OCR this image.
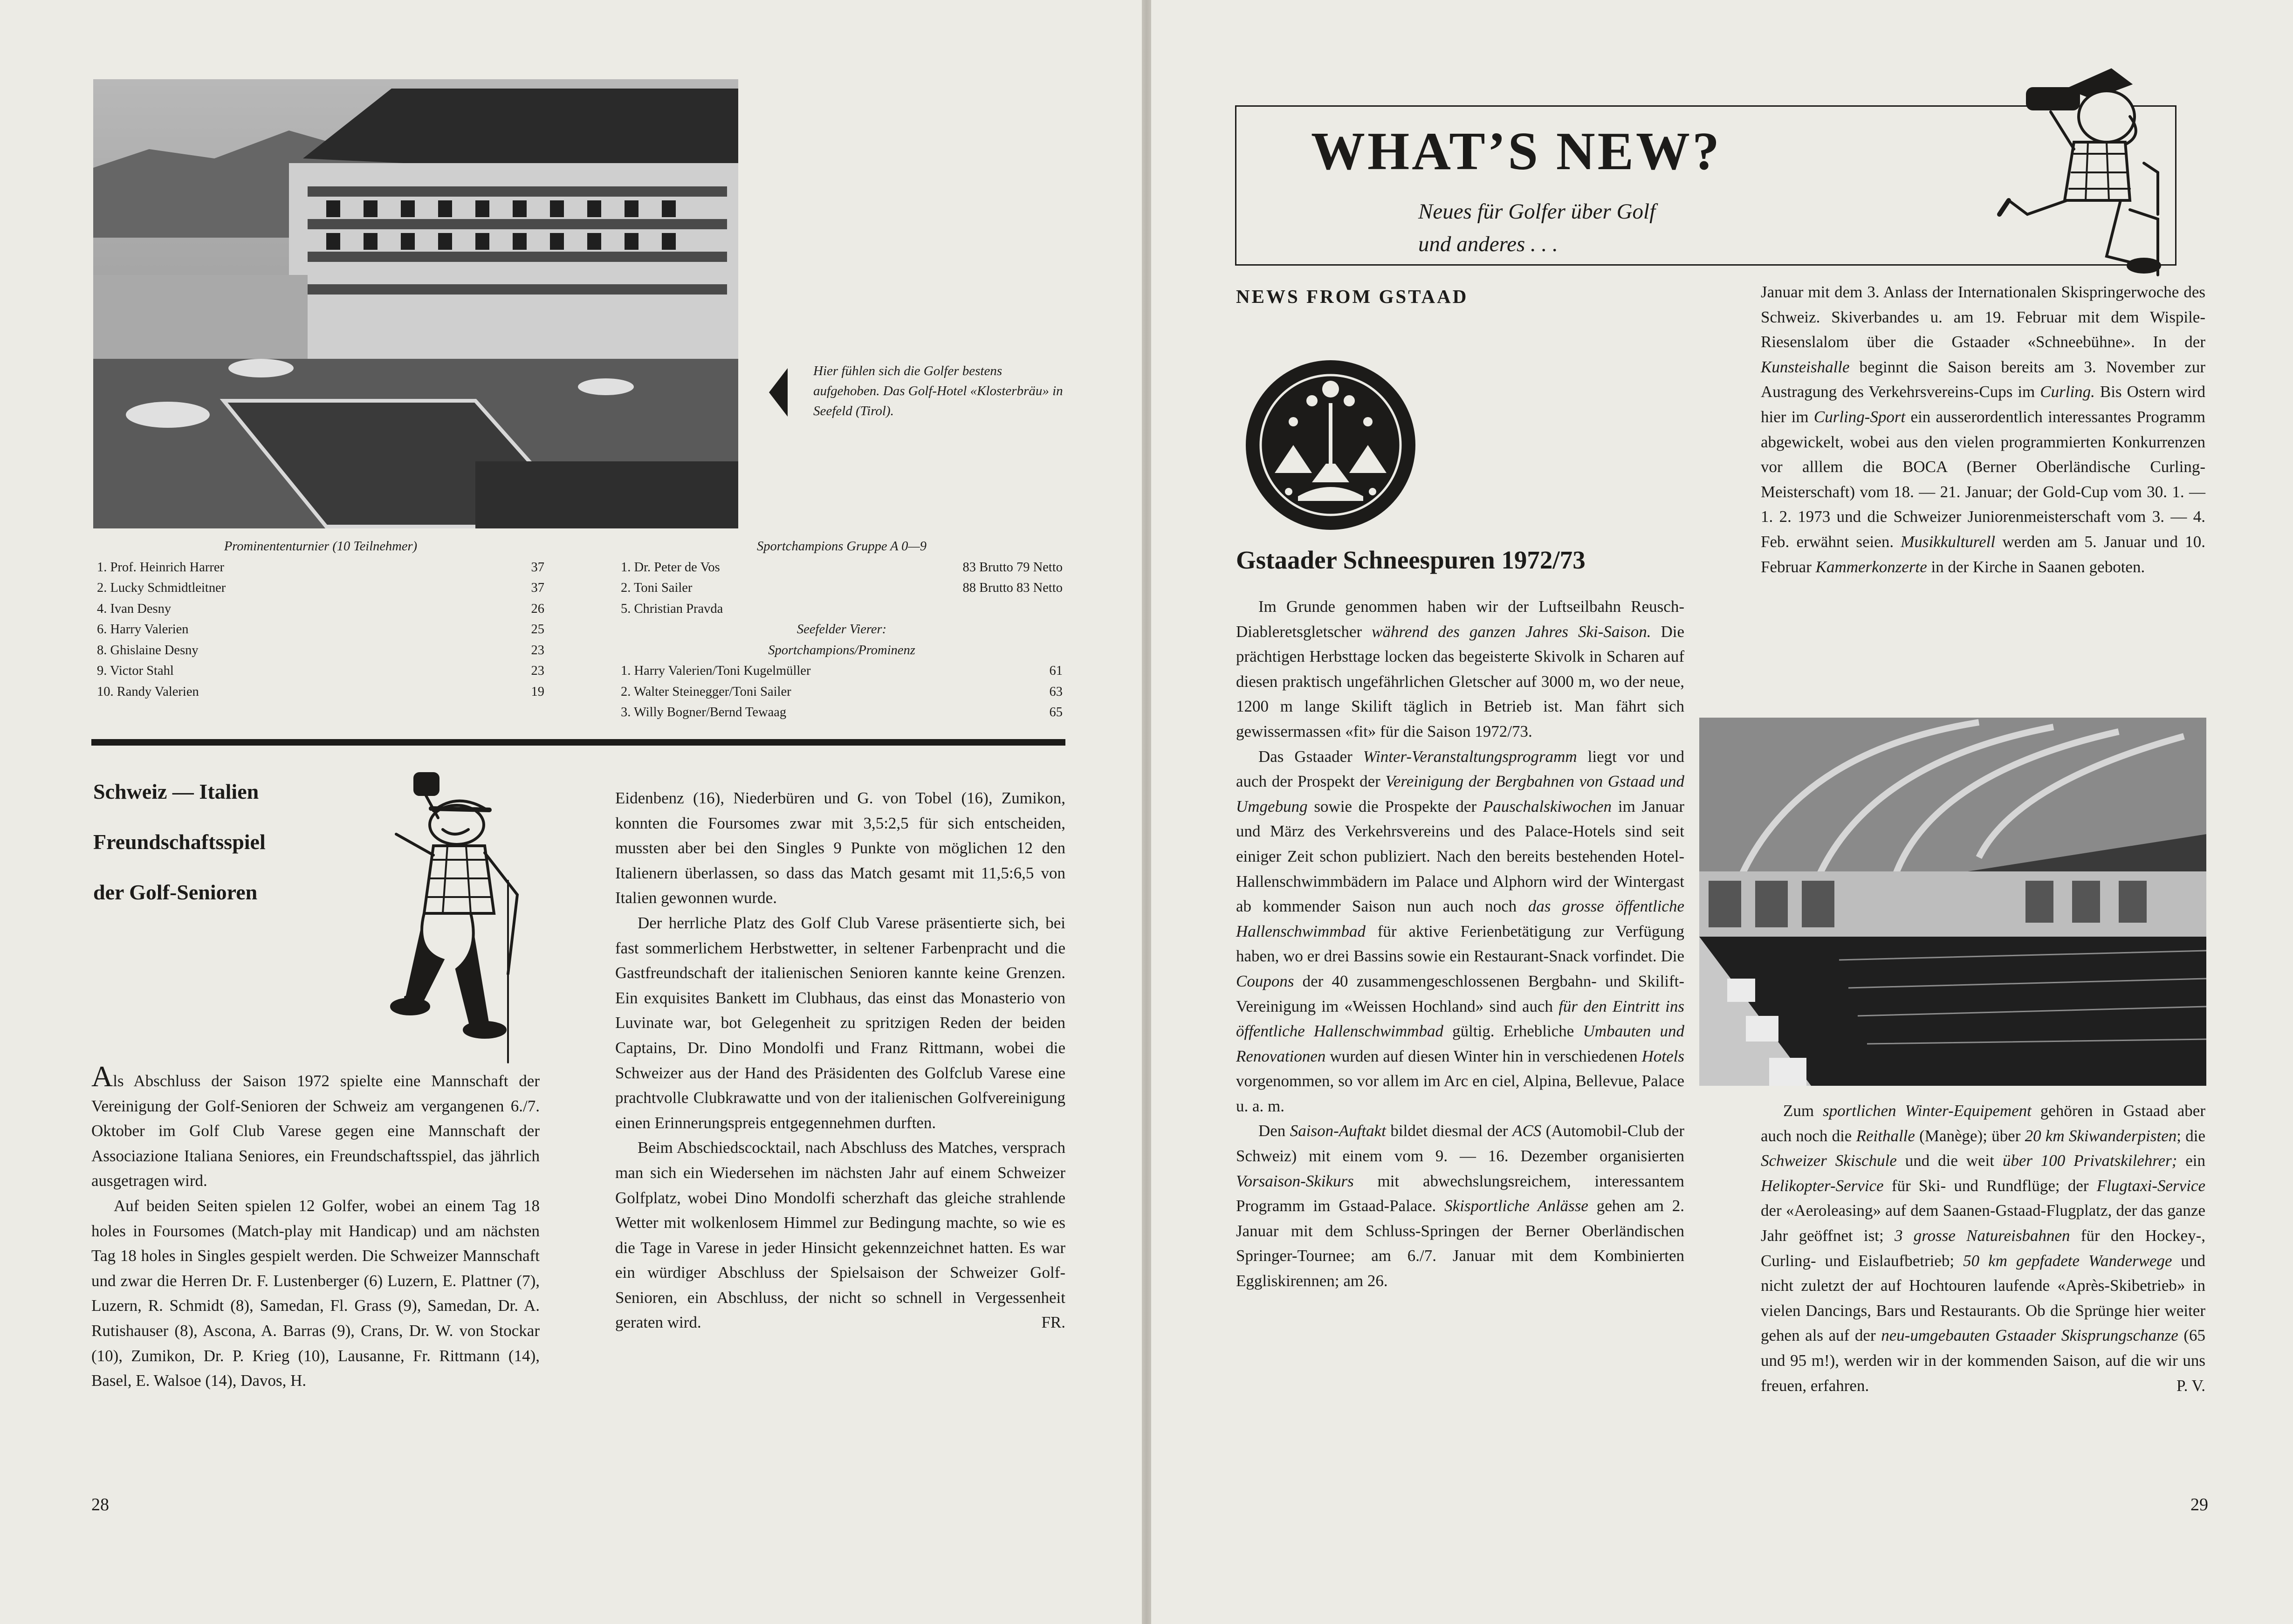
Hier fühlen sich die Golfer bestens aufgehoben. Das Golf-Hotel «Klosterbräu» in Seefeld (Tirol).
Prominententurnier (10 Teilnehmer)
1. Prof. Heinrich Harrer	37
2. Lucky Schmidtleitner	37
4. Ivan Desny	26
6. Harry Valerien	25
8. Ghislaine Desny	23
9. Victor Stahl	23
10. Randy Valerien	19
Sportchampions Gruppe A 0—9
1. Dr. Peter de Vos	83 Brutto 79 Netto
2. Toni Sailer	88 Brutto 83 Netto
5. Christian Pravda
Seefelder Vierer:
Sportchampions/Prominenz
1. Harry Valerien/Toni Kugelmüller	61
2. Walter Steinegger/Toni Sailer	63
3. Willy Bogner/Bernd Tewaag	65
Schweiz — Italien
Freundschaftsspiel
der Golf-Senioren

Als Abschluss der Saison 1972 spielte eine Mannschaft der Vereinigung der Golf-Senioren der Schweiz am vergangenen 6./7. Oktober im Golf Club Varese gegen eine Mannschaft der Associazione Italiana Seniores, ein Freundschaftsspiel, das jährlich ausgetragen wird.

Auf beiden Seiten spielen 12 Golfer, wobei an einem Tag 18 holes in Foursomes (Match-play mit Handicap) und am nächsten Tag 18 holes in Singles gespielt werden. Die Schweizer Mannschaft und zwar die Herren Dr. F. Lustenberger (6) Luzern, E. Plattner (7), Luzern, R. Schmidt (8), Samedan, Fl. Grass (9), Samedan, Dr. A. Rutishauser (8), Ascona, A. Barras (9), Crans, Dr. W. von Stockar (10), Zumikon, Dr. P. Krieg (10), Lausanne, Fr. Rittmann (14), Basel, E. Walsoe (14), Davos, H.

Eidenbenz (16), Niederbüren und G. von Tobel (16), Zumikon, konnten die Foursomes zwar mit 3,5:2,5 für sich entscheiden, mussten aber bei den Singles 9 Punkte von möglichen 12 den Italienern überlassen, so dass das Match gesamt mit 11,5:6,5 von Italien gewonnen wurde.

Der herrliche Platz des Golf Club Varese präsentierte sich, bei fast sommerlichem Herbstwetter, in seltener Farbenpracht und die Gastfreundschaft der italienischen Senioren kannte keine Grenzen. Ein exquisites Bankett im Clubhaus, das einst das Monasterio von Luvinate war, bot Gelegenheit zu spritzigen Reden der beiden Captains, Dr. Dino Mondolfi und Franz Rittmann, wobei die Schweizer aus der Hand des Präsidenten des Golfclub Varese eine prachtvolle Clubkrawatte und von der italienischen Golfvereinigung einen Erinnerungspreis entgegennehmen durften.

Beim Abschiedscocktail, nach Abschluss des Matches, versprach man sich ein Wiedersehen im nächsten Jahr auf einem Schweizer Golfplatz, wobei Dino Mondolfi scherzhaft das gleiche strahlende Wetter mit wolkenlosem Himmel zur Bedingung machte, so wie es die Tage in Varese in jeder Hinsicht gekennzeichnet hatten. Es war ein würdiger Abschluss der Spielsaison der Schweizer Golf-Senioren, ein Abschluss, der nicht so schnell in Vergessenheit geraten wird.	FR.

28

WHAT’S NEW?
Neues für Golfer über Golf
und anderes . . .
NEWS FROM GSTAAD
Gstaader Schneespuren 1972/73

Im Grunde genommen haben wir der Luftseilbahn Reusch-Diableretsgletscher während des ganzen Jahres Ski-Saison. Die prächtigen Herbsttage locken das begeisterte Skivolk in Scharen auf diesen praktisch ungefährlichen Gletscher auf 3000 m, wo der neue, 1200 m lange Skilift täglich in Betrieb ist. Man fährt sich gewissermassen «fit» für die Saison 1972/73.

Das Gstaader Winter-Veranstaltungsprogramm liegt vor und auch der Prospekt der Vereinigung der Bergbahnen von Gstaad und Umgebung sowie die Prospekte der Pauschalskiwochen im Januar und März des Verkehrsvereins und des Palace-Hotels sind seit einiger Zeit schon publiziert. Nach den bereits bestehenden Hotel-Hallenschwimmbädern im Palace und Alphorn wird der Wintergast ab kommender Saison nun auch noch das grosse öffentliche Hallenschwimmbad für aktive Ferienbetätigung zur Verfügung haben, wo er drei Bassins sowie ein Restaurant-Snack vorfindet. Die Coupons der 40 zusammengeschlossenen Bergbahn- und Skilift-Vereinigung im «Weissen Hochland» sind auch für den Eintritt ins öffentliche Hallenschwimmbad gültig. Erhebliche Umbauten und Renovationen wurden auf diesen Winter hin in verschiedenen Hotels vorgenommen, so vor allem im Arc en ciel, Alpina, Bellevue, Palace u. a. m.

Den Saison-Auftakt bildet diesmal der ACS (Automobil-Club der Schweiz) mit einem vom 9. — 16. Dezember organisierten Vorsaison-Skikurs mit abwechslungsreichem, interessantem Programm im Gstaad-Palace. Skisportliche Anlässe gehen am 2. Januar mit dem Schluss-Springen der Berner Oberländischen Springer-Tournee; am 6./7. Januar mit dem Kombinierten Eggliskirennen; am 26.

Januar mit dem 3. Anlass der Internationalen Skispringerwoche des Schweiz. Skiverbandes u. am 19. Februar mit dem Wispile-Riesenslalom über die Gstaader «Schneebühne». In der Kunsteishalle beginnt die Saison bereits am 3. November zur Austragung des Verkehrsvereins-Cups im Curling. Bis Ostern wird hier im Curling-Sport ein ausserordentlich interessantes Programm abgewickelt, wobei aus den vielen programmierten Konkurrenzen vor alllem die BOCA (Berner Oberländische Curling-Meisterschaft) vom 18. — 21. Januar; der Gold-Cup vom 30. 1. — 1. 2. 1973 und die Schweizer Juniorenmeisterschaft vom 3. — 4. Feb. erwähnt seien. Musikkulturell werden am 5. Januar und 10. Februar Kammerkonzerte in der Kirche in Saanen geboten.

Zum sportlichen Winter-Equipement gehören in Gstaad aber auch noch die Reithalle (Manège); über 20 km Skiwanderpisten; die Schweizer Skischule und die weit über 100 Privatskilehrer; ein Helikopter-Service für Ski- und Rundflüge; der Flugtaxi-Service der «Aeroleasing» auf dem Saanen-Gstaad-Flugplatz, der das ganze Jahr geöffnet ist; 3 grosse Natureisbahnen für den Hockey-, Curling- und Eislaufbetrieb; 50 km gepfadete Wanderwege und nicht zuletzt der auf Hochtouren laufende «Après-Skibetrieb» in vielen Dancings, Bars und Restaurants. Ob die Sprünge hier weiter gehen als auf der neu-umgebauten Gstaader Skisprungschanze (65 und 95 m!), werden wir in der kommenden Saison, auf die wir uns freuen, erfahren.	P. V.

29
